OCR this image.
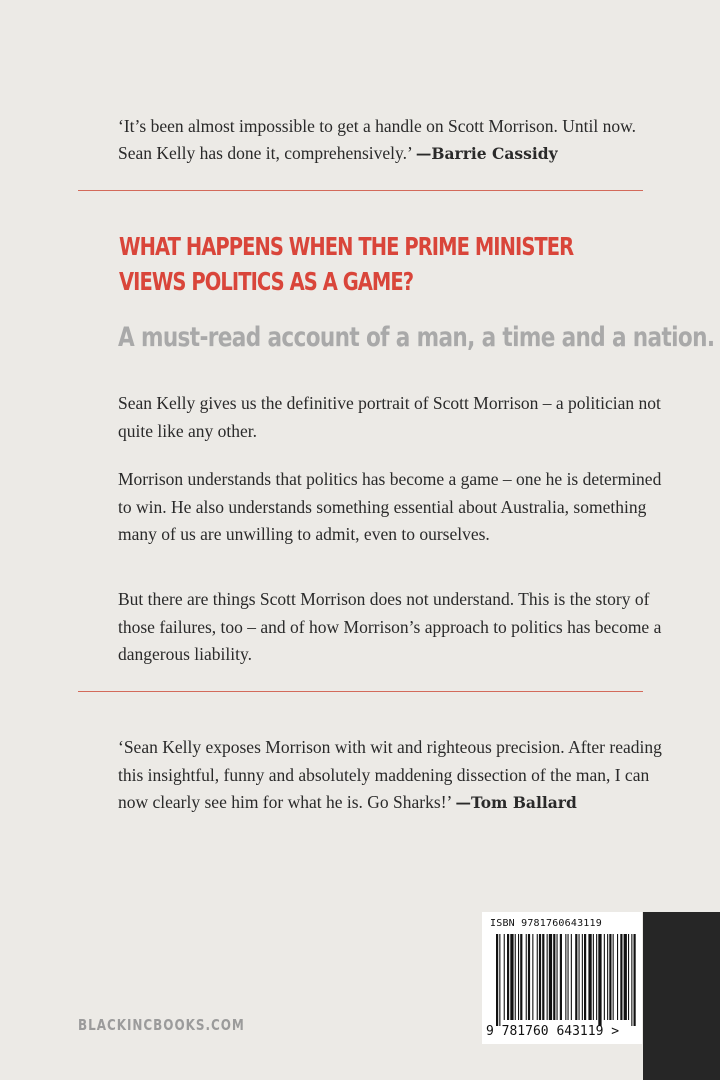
‘It’s been almost impossible to get a handle on Scott Morrison. Until now. Sean Kelly has done it, comprehensively.’ —Barrie Cassidy
WHAT HAPPENS WHEN THE PRIME MINISTER
VIEWS POLITICS AS A GAME?
A must-read account of a man, a time and a nation.

Sean Kelly gives us the definitive portrait of Scott Morrison – a politician not quite like any other.

Morrison understands that politics has become a game – one he is determined to win. He also understands something essential about Australia, something many of us are unwilling to admit, even to ourselves.

But there are things Scott Morrison does not understand. This is the story of those failures, too – and of how Morrison’s approach to politics has become a dangerous liability.

‘Sean Kelly exposes Morrison with wit and righteous precision. After reading this insightful, funny and absolutely maddening dissection of the man, I can now clearly see him for what he is. Go Sharks!’ —Tom Ballard
BLACKINCBOOKS.COM
ISBN 9781760643119
9 781760 643119 >
